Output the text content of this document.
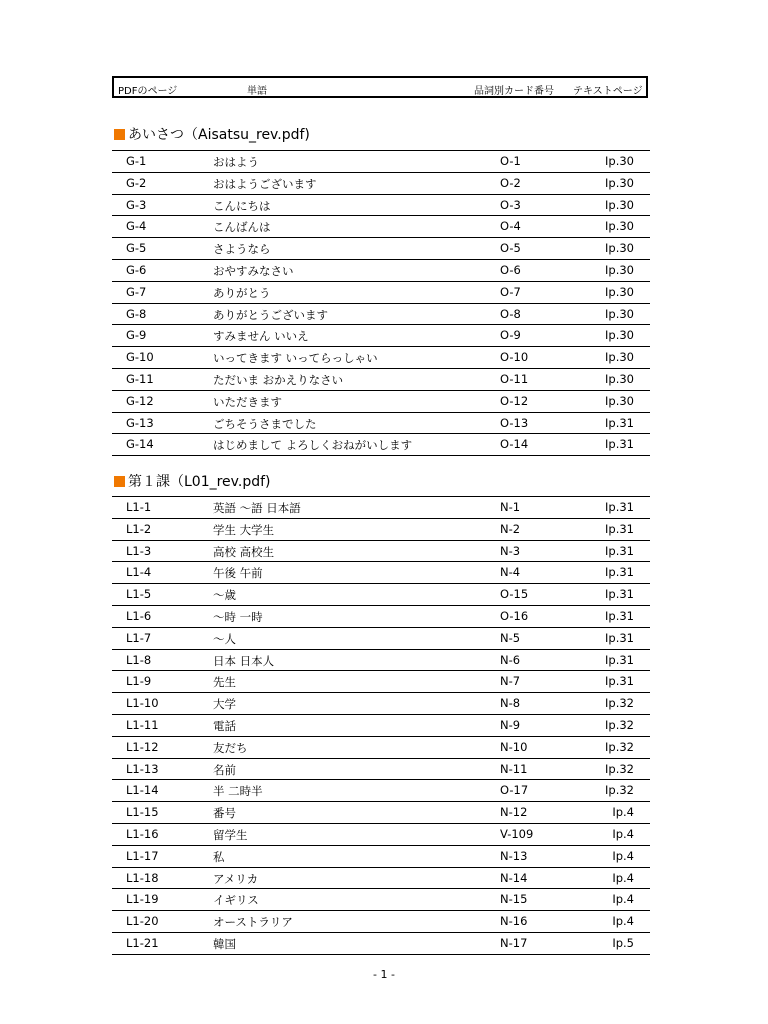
PDFのページ	単語	品詞別カード番号 テキストページ
あいさつ（Aisatsu_rev.pdf)
G-1	おはよう	O-1	Ⅰp.30
G-2	おはようございます	O-2	Ⅰp.30
G-3	こんにちは	O-3	Ⅰp.30
G-4	こんばんは	O-4	Ⅰp.30
G-5	さようなら	O-5	Ⅰp.30
G-6	おやすみなさい	O-6	Ⅰp.30
G-7	ありがとう	O-7	Ⅰp.30
G-8	ありがとうございます	O-8	Ⅰp.30
G-9	すみません いいえ	O-9	Ⅰp.30
G-10	いってきます いってらっしゃい	O-10	Ⅰp.30
G-11	ただいま おかえりなさい	O-11	Ⅰp.30
G-12	いただきます	O-12	Ⅰp.30
G-13	ごちそうさまでした	O-13	Ⅰp.31
G-14	はじめまして よろしくおねがいします	O-14	Ⅰp.31
第１課（L01_rev.pdf)
L1-1	英語 ～語 日本語	N-1	Ⅰp.31
L1-2	学生 大学生	N-2	Ⅰp.31
L1-3	高校 高校生	N-3	Ⅰp.31
L1-4	午後 午前	N-4	Ⅰp.31
L1-5	～歳	O-15	Ⅰp.31
L1-6	～時 一時	O-16	Ⅰp.31
L1-7	～人	N-5	Ⅰp.31
L1-8	日本 日本人	N-6	Ⅰp.31
L1-9	先生	N-7	Ⅰp.31
L1-10	大学	N-8	Ⅰp.32
L1-11	電話	N-9	Ⅰp.32
L1-12	友だち	N-10	Ⅰp.32
L1-13	名前	N-11	Ⅰp.32
L1-14	半 二時半	O-17	Ⅰp.32
L1-15	番号	N-12	Ⅰp.4
L1-16	留学生	V-109	Ⅰp.4
L1-17	私	N-13	Ⅰp.4
L1-18	アメリカ	N-14	Ⅰp.4
L1-19	イギリス	N-15	Ⅰp.4
L1-20	オーストラリア	N-16	Ⅰp.4
L1-21	韓国	N-17	Ⅰp.5
- 1 -
